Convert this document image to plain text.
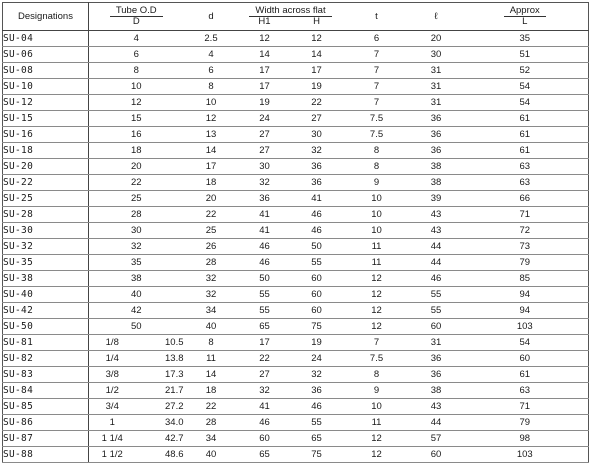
Designations	Tube O.D		d	Width across flat		t	ℓ	Approx
	D			H1	H			L
SU-04	4		2.5	12	12	6	20	35
SU-06	6		4	14	14	7	30	51
SU-08	8		6	17	17	7	31	52
SU-10	10		8	17	19	7	31	54
SU-12	12		10	19	22	7	31	54
SU-15	15		12	24	27	7.5	36	61
SU-16	16		13	27	30	7.5	36	61
SU-18	18		14	27	32	8	36	61
SU-20	20		17	30	36	8	38	63
SU-22	22		18	32	36	9	38	63
SU-25	25		20	36	41	10	39	66
SU-28	28		22	41	46	10	43	71
SU-30	30		25	41	46	10	43	72
SU-32	32		26	46	50	11	44	73
SU-35	35		28	46	55	11	44	79
SU-38	38		32	50	60	12	46	85
SU-40	40		32	55	60	12	55	94
SU-42	42		34	55	60	12	55	94
SU-50	50		40	65	75	12	60	103
SU-81	1/8	10.5	8	17	19	7	31	54
SU-82	1/4	13.8	11	22	24	7.5	36	60
SU-83	3/8	17.3	14	27	32	8	36	61
SU-84	1/2	21.7	18	32	36	9	38	63
SU-85	3/4	27.2	22	41	46	10	43	71
SU-86	1	34.0	28	46	55	11	44	79
SU-87	1 1/4	42.7	34	60	65	12	57	98
SU-88	1 1/2	48.6	40	65	75	12	60	103
